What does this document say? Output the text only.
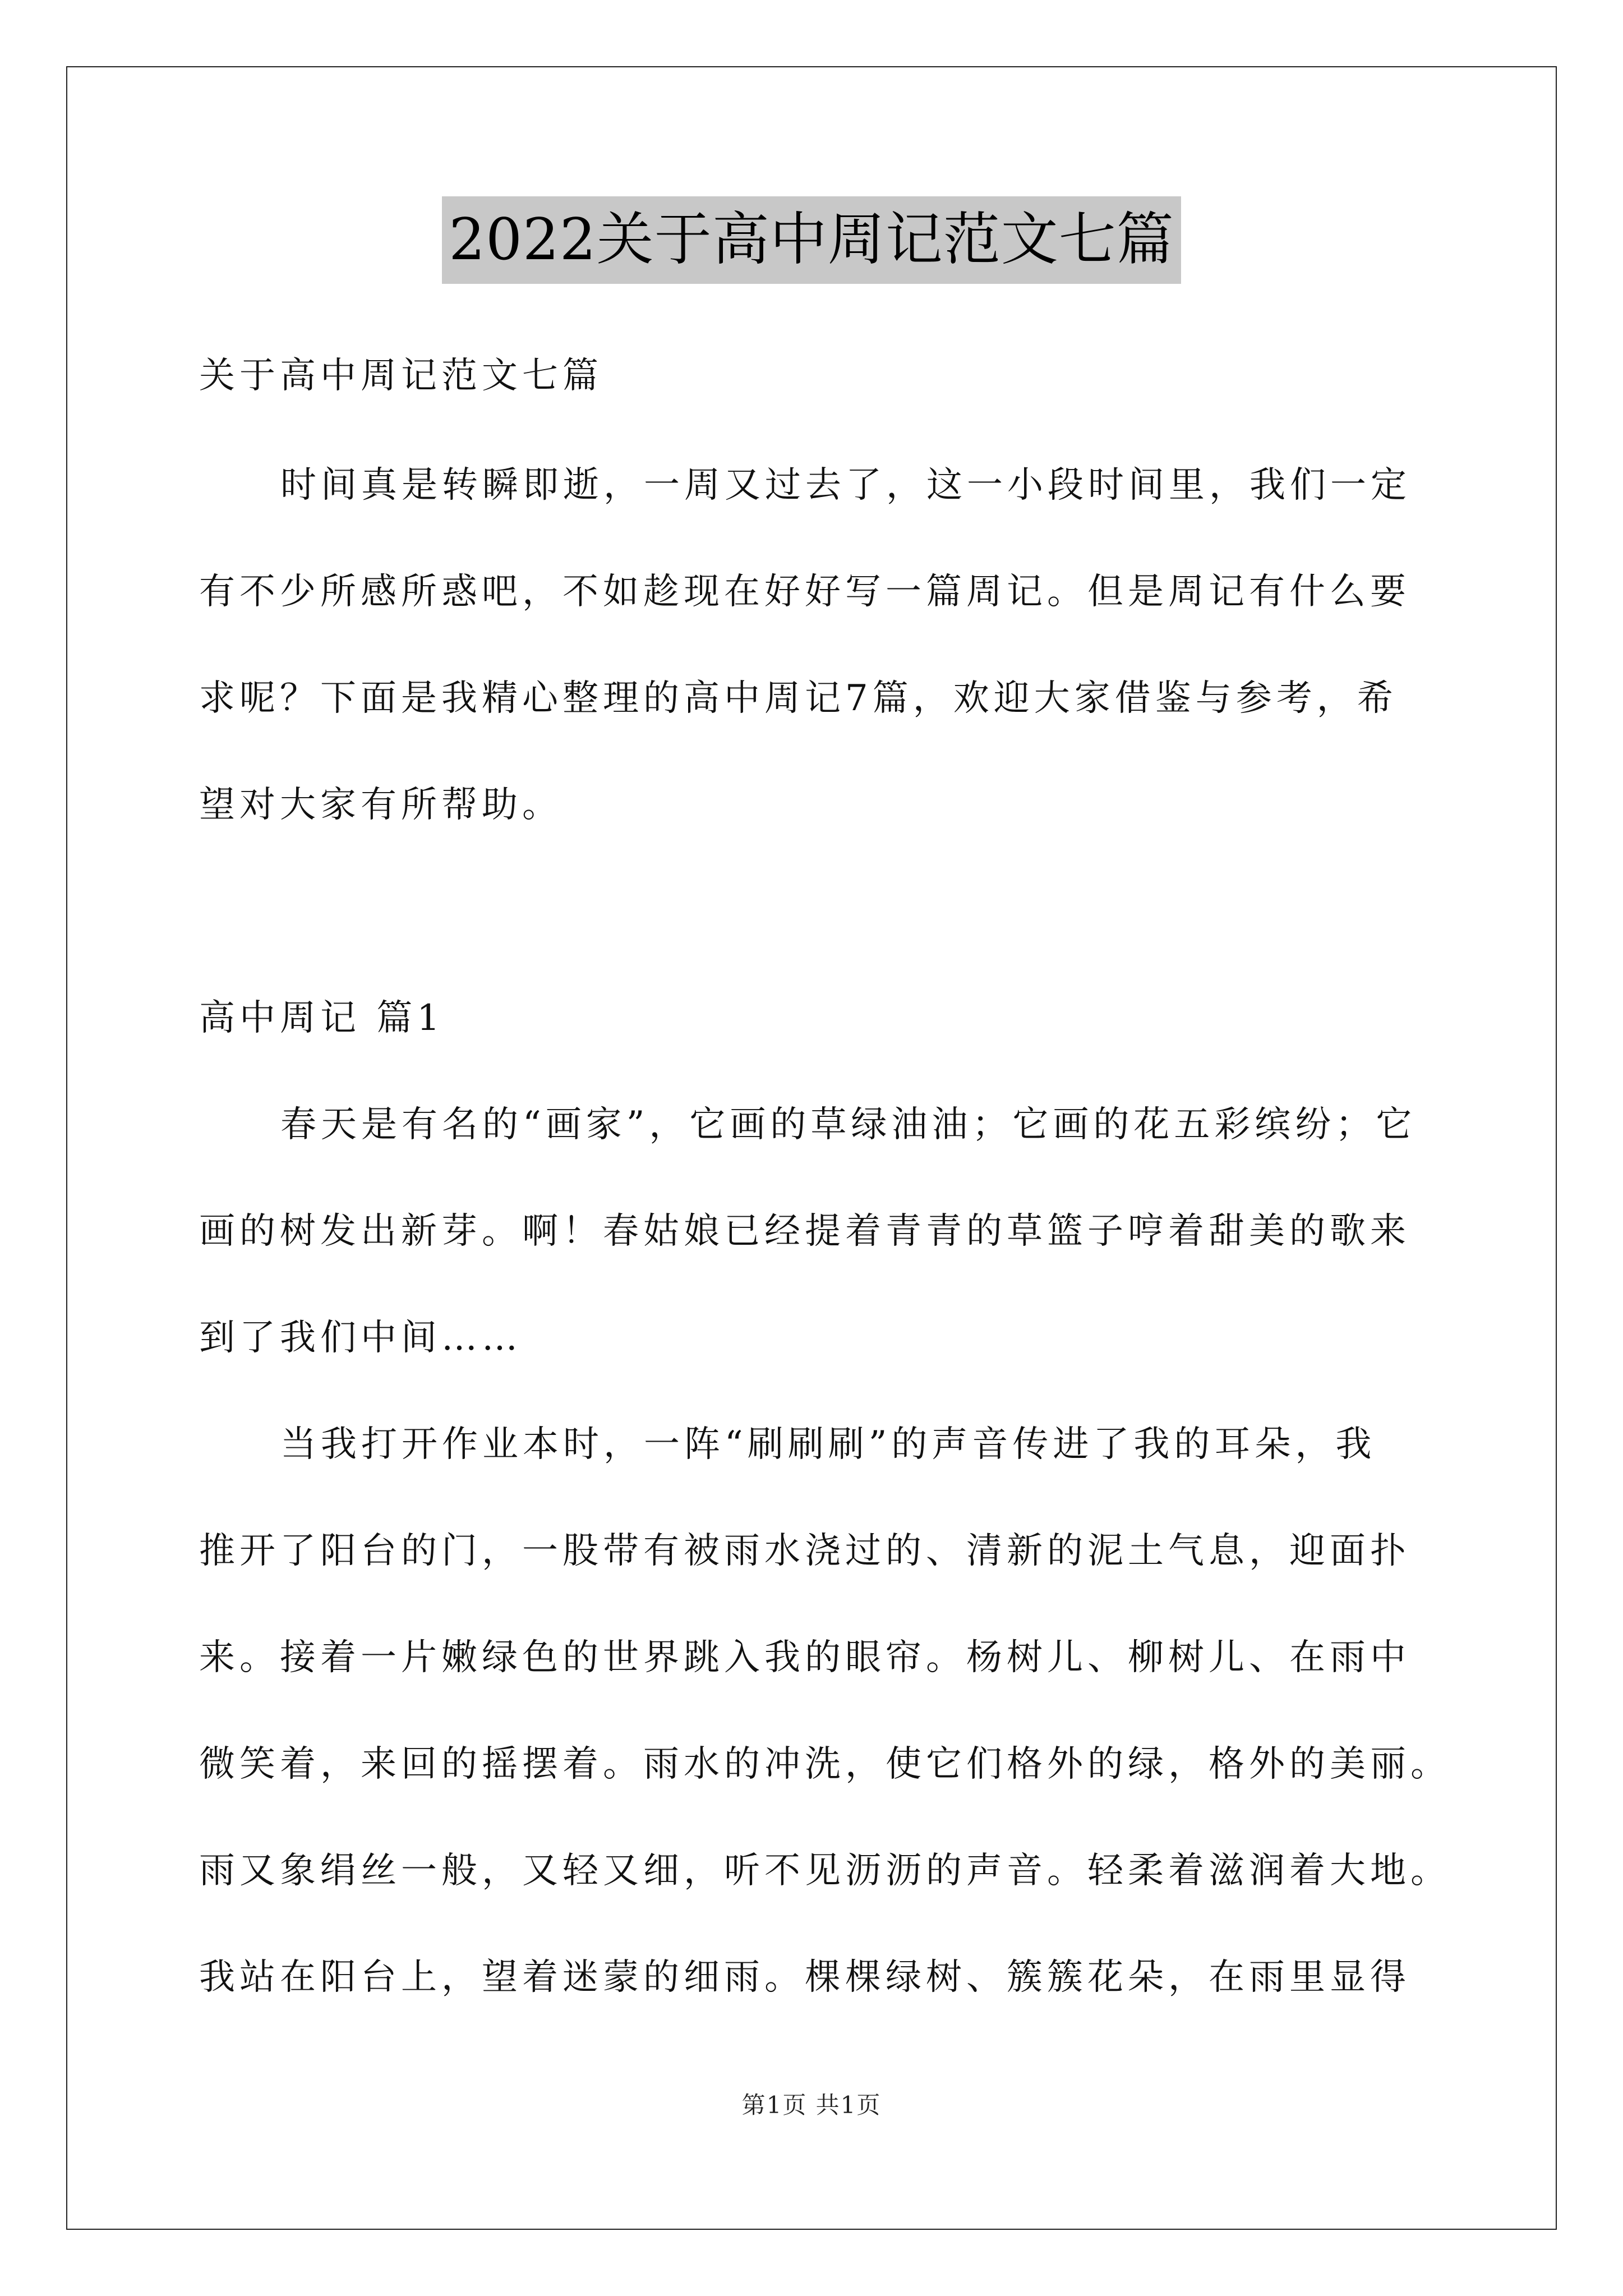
2022关于高中周记范文七篇
关于高中周记范文七篇
时间真是转瞬即逝，一周又过去了，这一小段时间里，我们一定
有不少所感所惑吧，不如趁现在好好写一篇周记。但是周记有什么要
求呢？下面是我精心整理的高中周记7篇，欢迎大家借鉴与参考，希
望对大家有所帮助。
高中周记 篇1
春天是有名的“画家”，它画的草绿油油；它画的花五彩缤纷；它
画的树发出新芽。啊！春姑娘已经提着青青的草篮子哼着甜美的歌来
到了我们中间……
当我打开作业本时，一阵“刷刷刷”的声音传进了我的耳朵，我
推开了阳台的门，一股带有被雨水浇过的、清新的泥土气息，迎面扑
来。接着一片嫩绿色的世界跳入我的眼帘。杨树儿、柳树儿、在雨中
微笑着，来回的摇摆着。雨水的冲洗，使它们格外的绿，格外的美丽。
雨又象绢丝一般，又轻又细，听不见沥沥的声音。轻柔着滋润着大地。
我站在阳台上，望着迷蒙的细雨。棵棵绿树、簇簇花朵，在雨里显得
第1页 共1页
